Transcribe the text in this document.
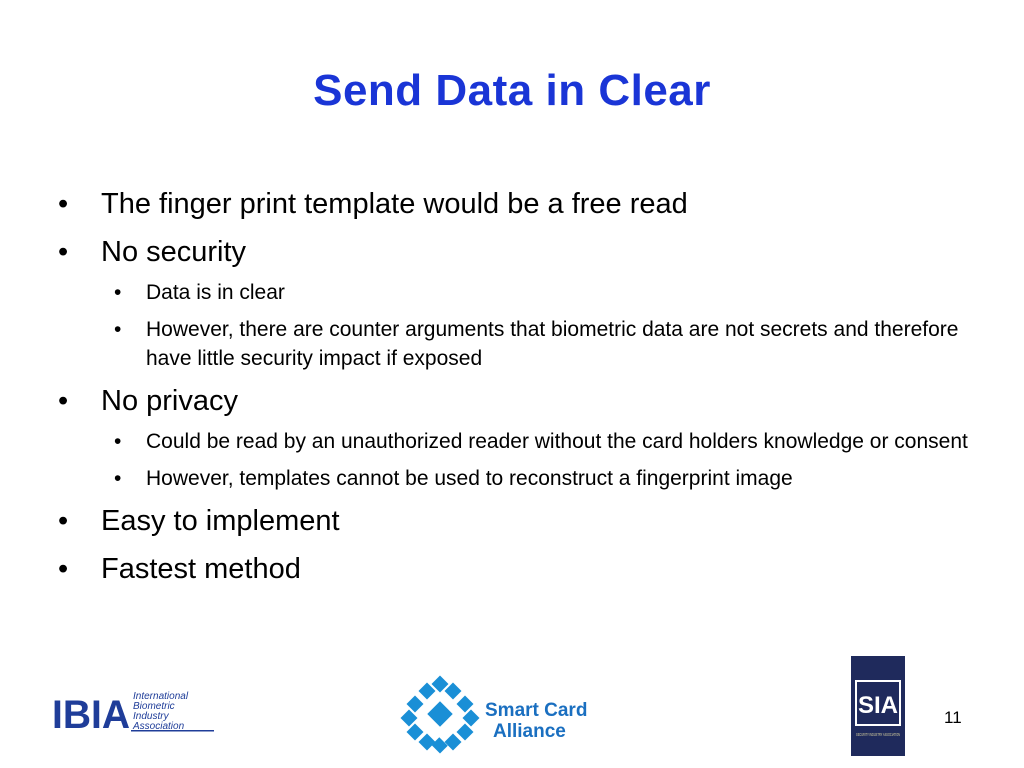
Send Data in Clear
• The finger print template would be a free read
• No security
• Data is in clear
• However, there are counter arguments that biometric data are not secrets and therefore have little security impact if exposed
• No privacy
• Could be read by an unauthorized reader without the card holders knowledge or consent
• However, templates cannot be used to reconstruct a fingerprint image
• Easy to implement
• Fastest method
IBIA International
Biometric
Industry
Association
Smart Card
Alliance
SIA
SECURITY INDUSTRY ASSOCIATION
11
